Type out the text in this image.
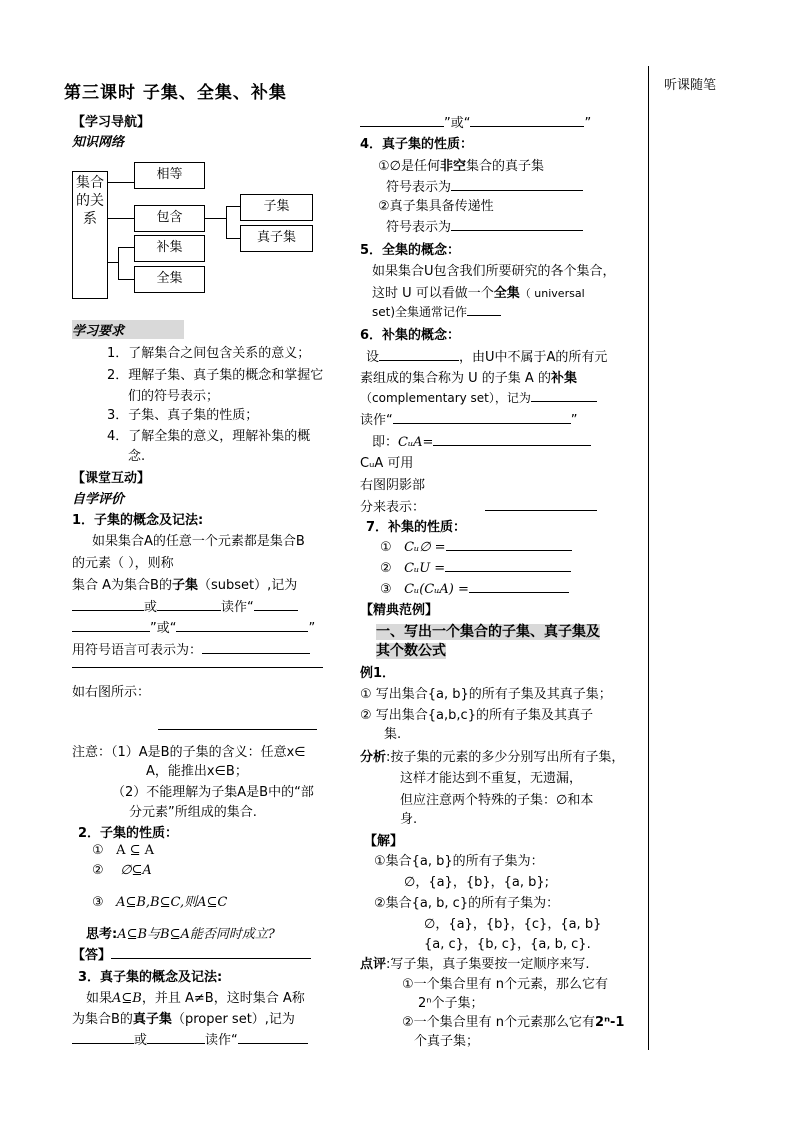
第三课时 子集、全集、补集	听课随笔
【学习导航】
知识网络
集合的关系
相等
包含
补集
全集
子集
真子集
学习要求
1．了解集合之间包含关系的意义；
2．理解子集、真子集的概念和掌握它
们的符号表示；
3．子集、真子集的性质；
4．了解全集的意义，理解补集的概
念.
【课堂互动】
自学评价
1．子集的概念及记法:
如果集合A的任意一个元素都是集合B
的元素（ ），则称
集合 A为集合B的子集（subset）,记为
或	读作“
”或“	”
用符号语言可表示为：
如右图所示：
注意：（1）A是B的子集的含义：任意x∈
A，能推出x∈B；
（2）不能理解为子集A是B中的“部
分元素”所组成的集合.
2．子集的性质：
① A ⊆ A
② ∅⊆A
③ A⊆B,B⊆C,则A⊆C
思考:A⊆B与B⊆A能否同时成立?
【答】
3．真子集的概念及记法:
如果A⊆B，并且 A≠B，这时集合 A称
为集合B的真子集（proper set）,记为
或	读作“
”或“	”
4．真子集的性质：
①∅是任何非空集合的真子集
符号表示为
②真子集具备传递性
符号表示为
5．全集的概念：
如果集合U包含我们所要研究的各个集合，
这时 U 可以看做一个全集（ universal
set)全集通常记作
6．补集的概念：
设	，由U中不属于A的所有元
素组成的集合称为 U 的子集 A 的补集
（complementary set），记为
读作“	”
即：CᵤA=
CᵤA 可用
右图阴影部
分来表示：
7．补集的性质：
① Cᵤ∅ =
② CᵤU =
③ Cᵤ(CᵤA) =
【精典范例】
一、写出一个集合的子集、真子集及
其个数公式
例1．
① 写出集合{a, b}的所有子集及其真子集；
② 写出集合{a,b,c}的所有子集及其真子
集.
分析:按子集的元素的多少分别写出所有子集，
这样才能达到不重复，无遗漏，
但应注意两个特殊的子集：∅和本
身.
【解】
①集合{a, b}的所有子集为：
∅，{a}，{b}，{a, b};
②集合{a, b, c}的所有子集为：
∅，{a}，{b}，{c}，{a, b}
{a, c}，{b, c}，{a, b, c}.
点评:写子集，真子集要按一定顺序来写.
①一个集合里有 n个元素，那么它有
2ⁿ个子集；
②一个集合里有 n个元素那么它有2ⁿ-1
个真子集；
